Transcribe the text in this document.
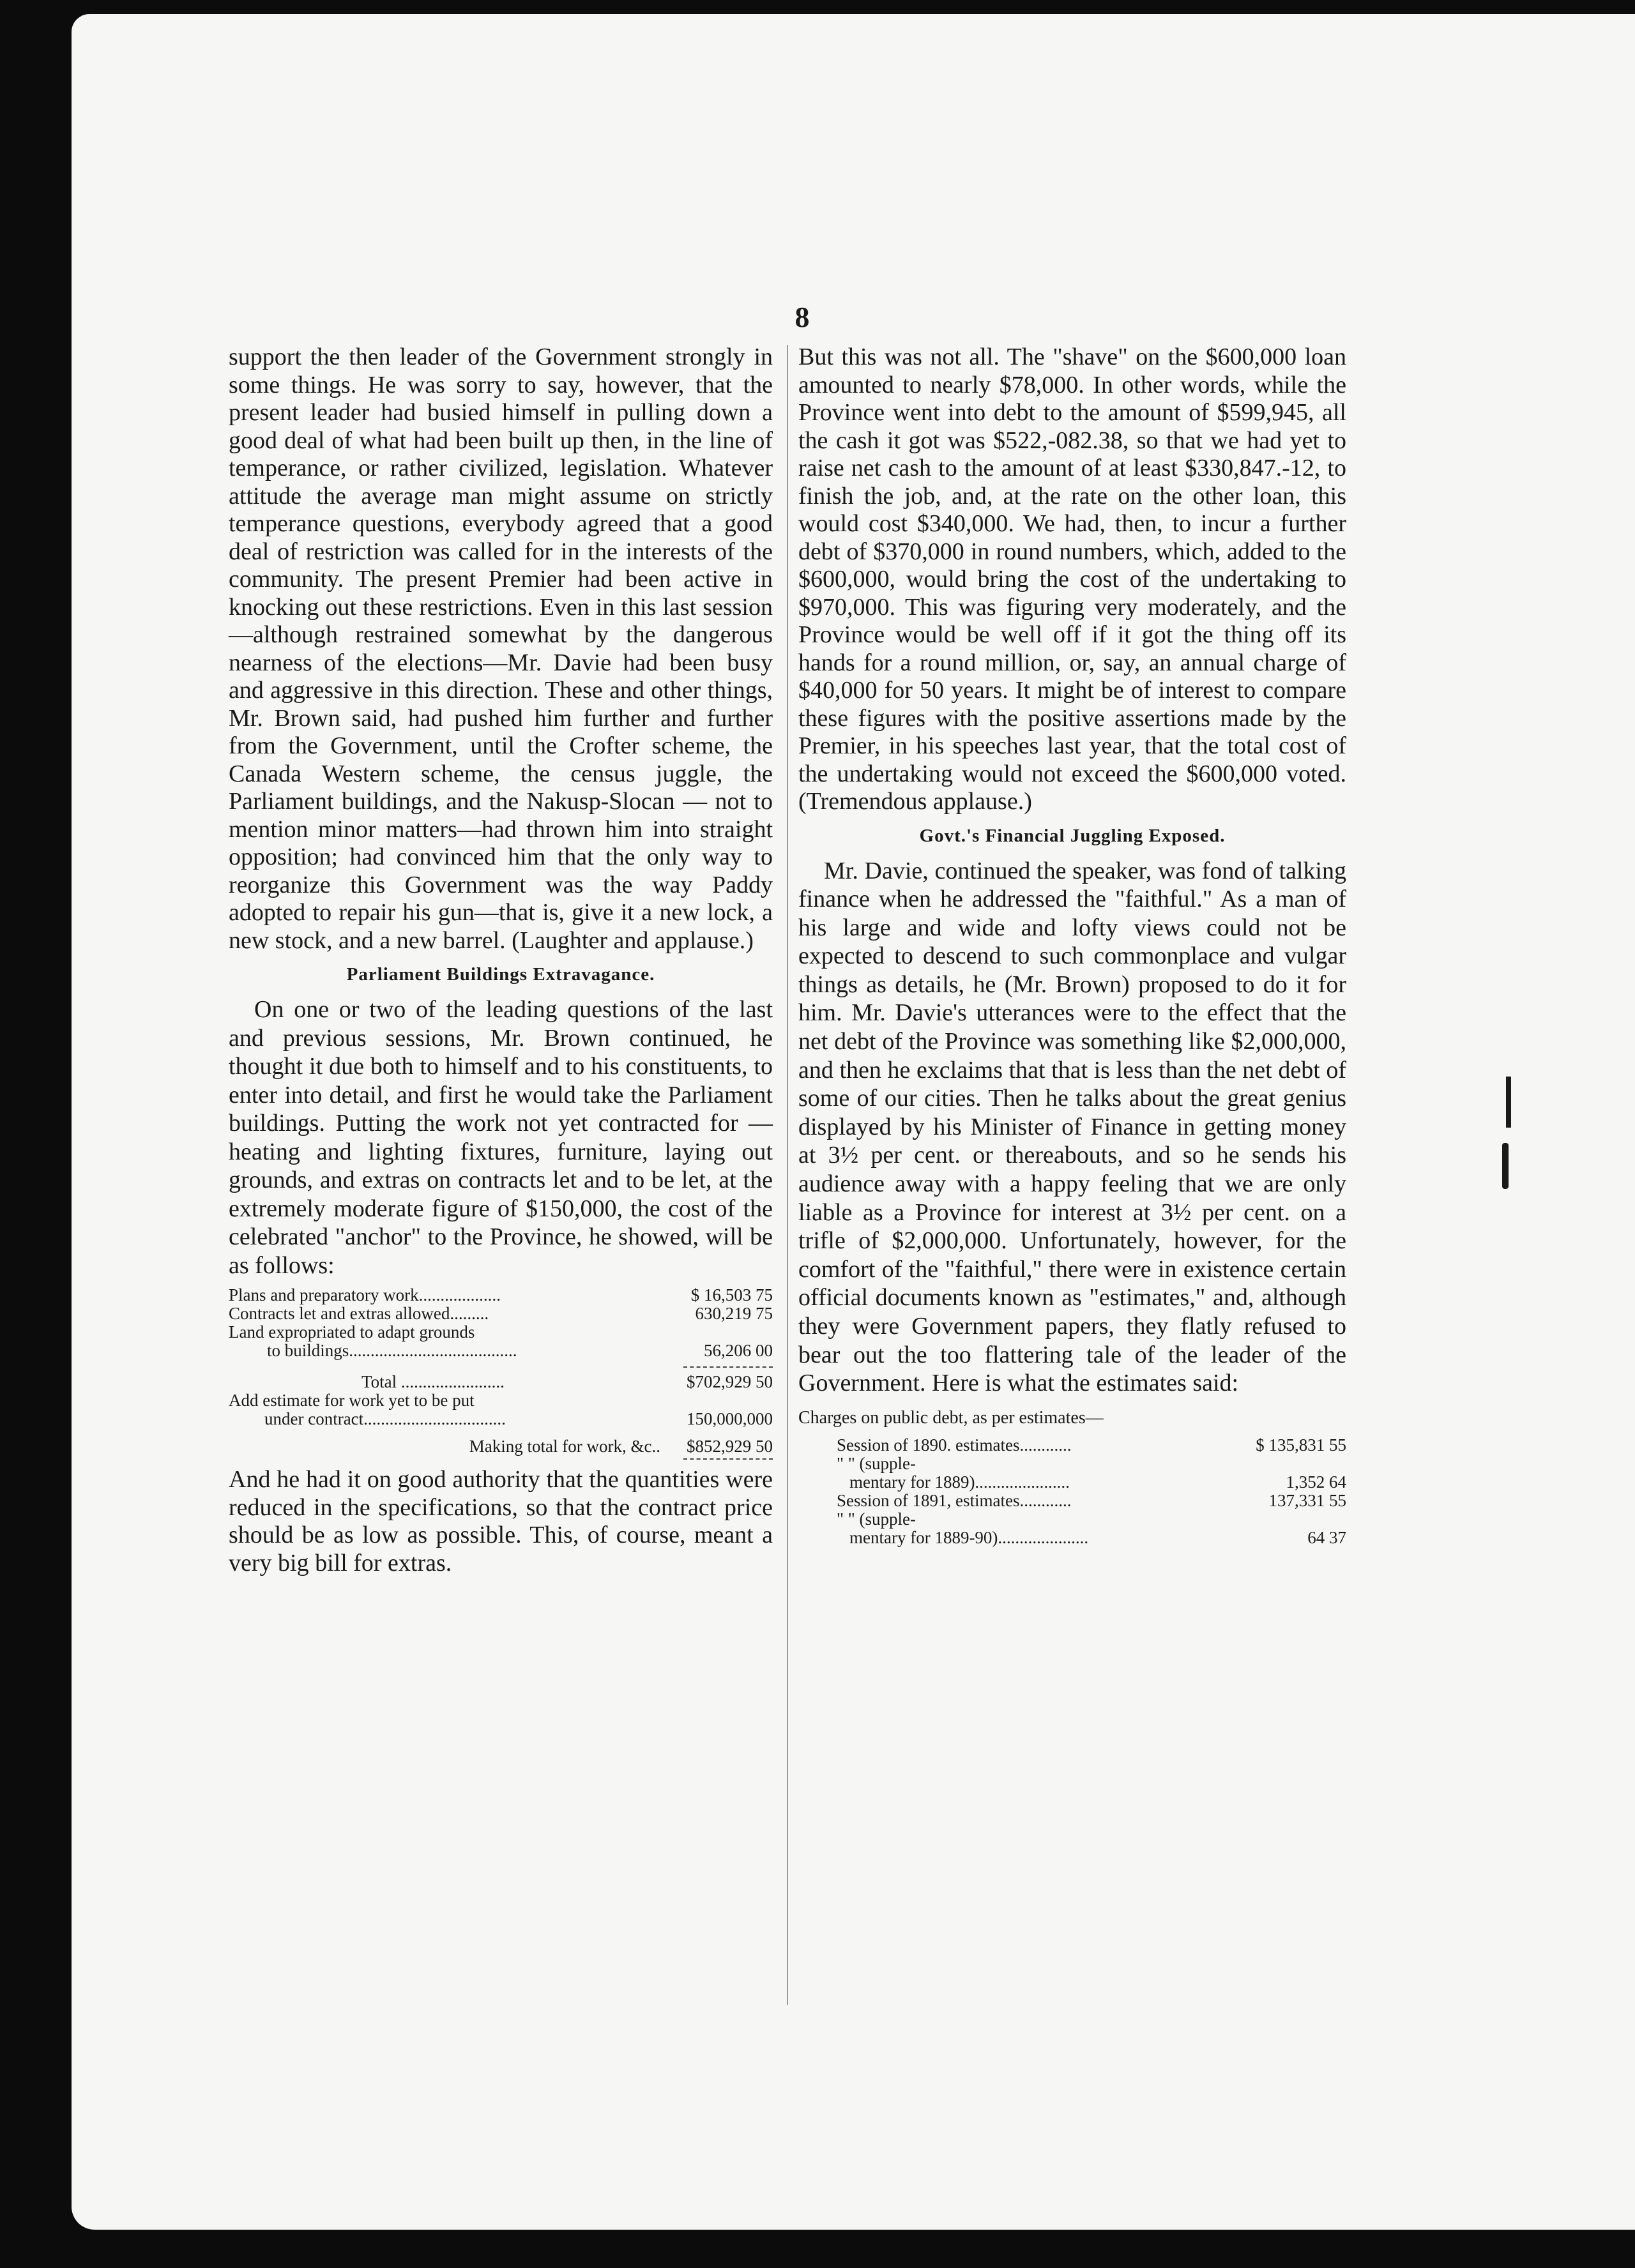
8

support the then leader of the Government strongly in some things. He was sorry to say, however, that the present leader had busied himself in pulling down a good deal of what had been built up then, in the line of temperance, or rather civilized, legislation. Whatever attitude the average man might assume on strictly temperance questions, everybody agreed that a good deal of restriction was called for in the interests of the community. The present Premier had been active in knocking out these restrictions. Even in this last session—although restrained somewhat by the dangerous nearness of the elections—Mr. Davie had been busy and aggressive in this direction. These and other things, Mr. Brown said, had pushed him further and further from the Government, until the Crofter scheme, the Canada Western scheme, the census juggle, the Parliament buildings, and the Nakusp-Slocan — not to mention minor matters—had thrown him into straight opposition; had convinced him that the only way to reorganize this Government was the way Paddy adopted to repair his gun—that is, give it a new lock, a new stock, and a new barrel. (Laughter and applause.)

Parliament Buildings Extravagance.

On one or two of the leading questions of the last and previous sessions, Mr. Brown continued, he thought it due both to himself and to his constituents, to enter into detail, and first he would take the Parliament buildings. Putting the work not yet contracted for —heating and lighting fixtures, furniture, laying out grounds, and extras on contracts let and to be let, at the extremely moderate figure of $150,000, the cost of the celebrated "anchor" to the Province, he showed, will be as follows:

Plans and preparatory work...................	$ 16,503 75
Contracts let and extras allowed.........	630,219 75
Land expropriated to adapt grounds
to buildings.......................................	56,206 00
Total ........................	$702,929 50
Add estimate for work yet to be put
under contract.................................	150,000,000
Making total for work, &c..	$852,929 50

And he had it on good authority that the quantities were reduced in the specifications, so that the contract price should be as low as possible. This, of course, meant a very big bill for extras.

But this was not all. The "shave" on the $600,000 loan amounted to nearly $78,000. In other words, while the Province went into debt to the amount of $599,945, all the cash it got was $522,-082.38, so that we had yet to raise net cash to the amount of at least $330,847.-12, to finish the job, and, at the rate on the other loan, this would cost $340,000. We had, then, to incur a further debt of $370,000 in round numbers, which, added to the $600,000, would bring the cost of the undertaking to $970,000. This was figuring very moderately, and the Province would be well off if it got the thing off its hands for a round million, or, say, an annual charge of $40,000 for 50 years. It might be of interest to compare these figures with the positive assertions made by the Premier, in his speeches last year, that the total cost of the undertaking would not exceed the $600,000 voted. (Tremendous applause.)

Govt.'s Financial Juggling Exposed.

Mr. Davie, continued the speaker, was fond of talking finance when he addressed the "faithful." As a man of his large and wide and lofty views could not be expected to descend to such commonplace and vulgar things as details, he (Mr. Brown) proposed to do it for him. Mr. Davie's utterances were to the effect that the net debt of the Province was something like $2,000,000, and then he exclaims that that is less than the net debt of some of our cities. Then he talks about the great genius displayed by his Minister of Finance in getting money at 3½ per cent. or thereabouts, and so he sends his audience away with a happy feeling that we are only liable as a Province for interest at 3½ per cent. on a trifle of $2,000,000. Unfortunately, however, for the comfort of the "faithful," there were in existence certain official documents known as "estimates," and, although they were Government papers, they flatly refused to bear out the too flattering tale of the leader of the Government. Here is what the estimates said:

Charges on public debt, as per estimates—
Session of 1890. estimates............	$ 135,831 55
" " (supple-
mentary for 1889)......................	1,352 64
Session of 1891, estimates............	137,331 55
" " (supple-
mentary for 1889-90).....................	64 37
